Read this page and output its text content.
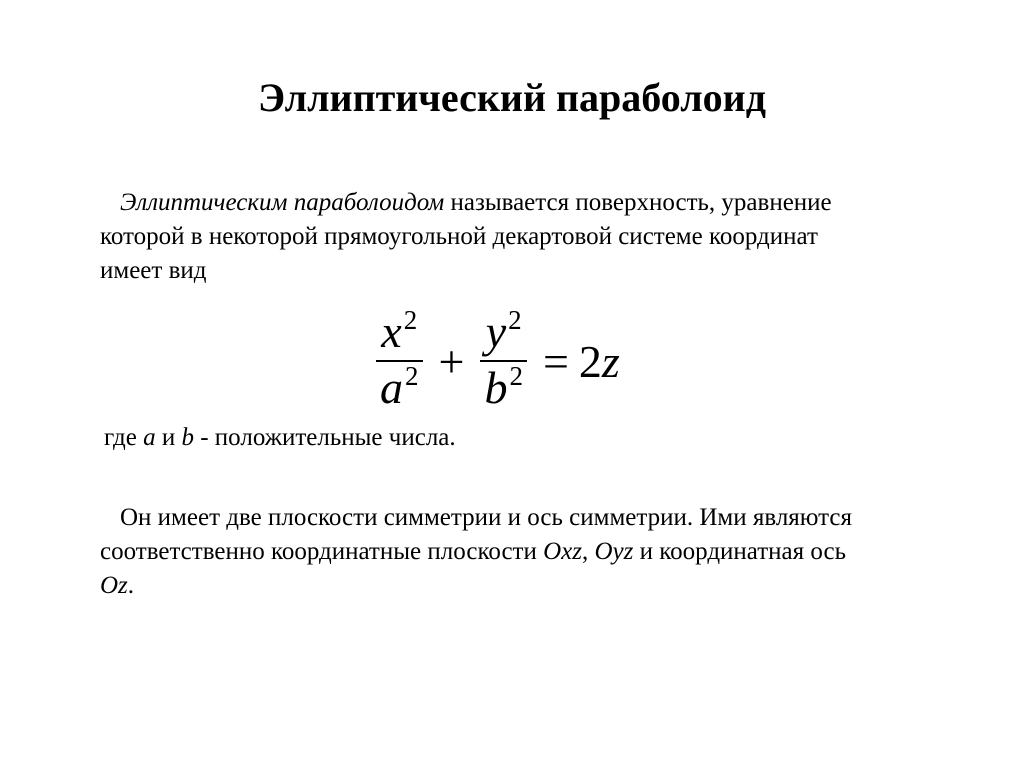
Эллиптический параболоид
Эллиптическим параболоидом называется поверхность, уравнение
которой в некоторой прямоугольной декартовой системе координат
имеет вид
$\frac{x^2}{a^2} + \frac{y^2}{b^2} = 2$ z
где a и b - положительные числа.
Он имеет две плоскости симметрии и ось симметрии. Ими являются
соответственно координатные плоскости Oxz, Oyz и координатная ось
Oz.
